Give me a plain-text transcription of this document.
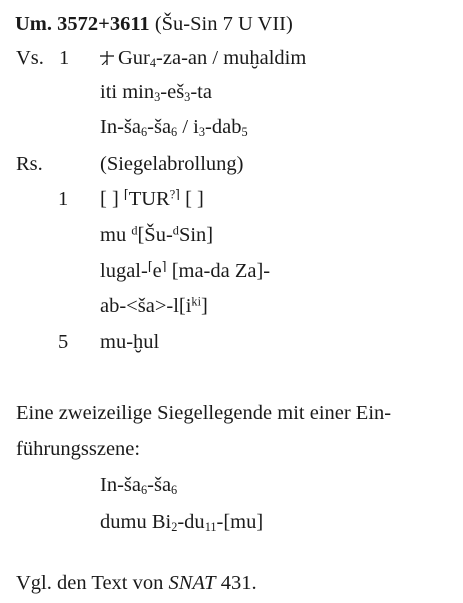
Um. 3572+3611 (Šu-Sin 7 U VII)
Vs. 1	Gur$_4$-za-an / muḫaldim
iti $\min_3-eš_3-ta$
$In-ša_6-ša_6 / i_3-dab_5$
Rs.	(Siegelabrollung)
1 [ ] ⌈TUR?⌉ [ ]
mu $^d$[Šu-$^d$Sin]
lugal-⌈e⌉ [ma-da Za]-
$ab-<ša>-l[i^{ki}]$
5 mu-ḫul
Eine zweizeilige Siegellegende mit einer Ein-
führungsszene:
$In-ša_6-ša_6$
dumu $Bi_2-du_{11}-[mu]$
Vgl. den Text von SNAT 431.
